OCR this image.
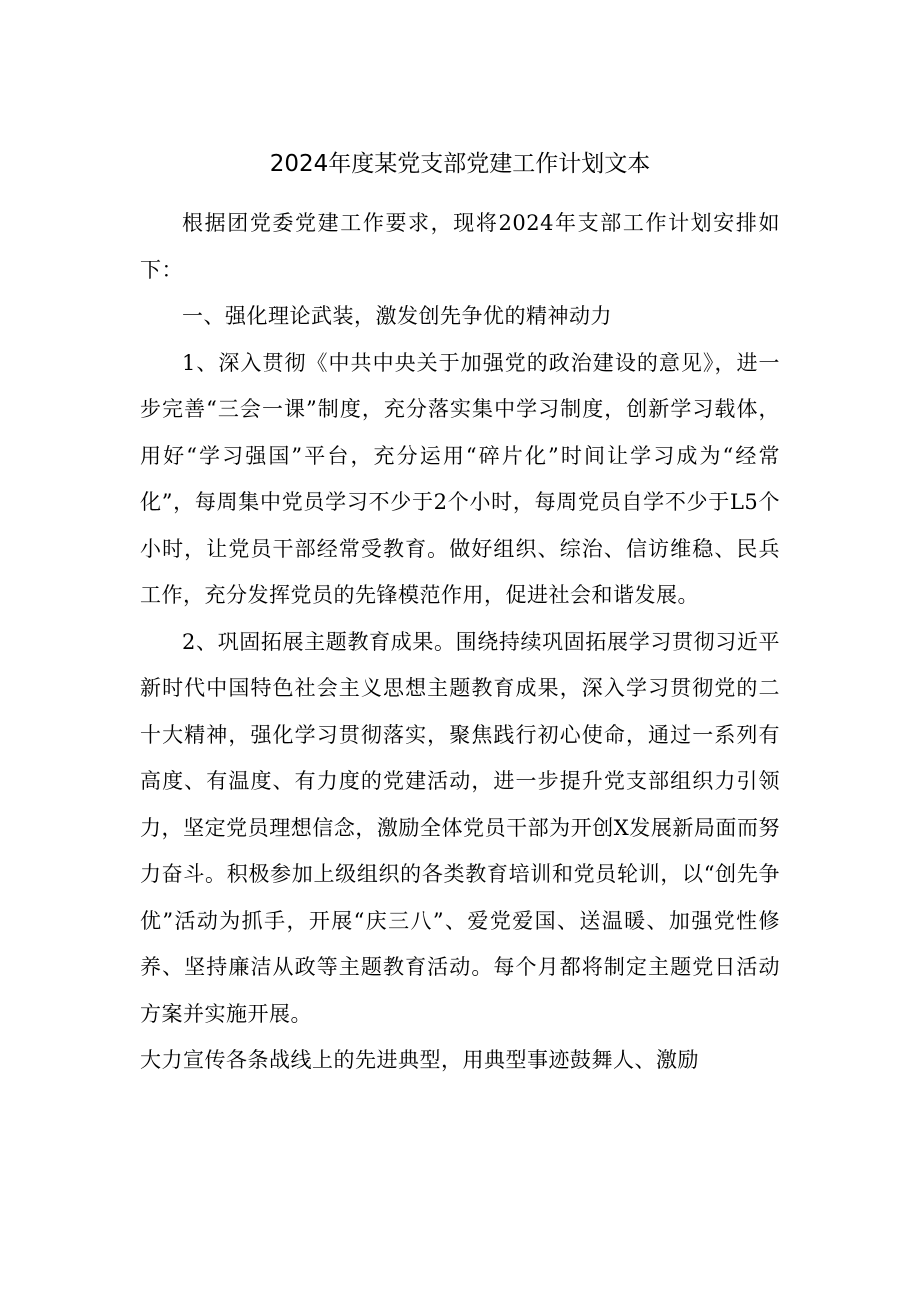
2024年度某党支部党建工作计划文本

根据团党委党建工作要求，现将2024年支部工作计划安排如下：

一、强化理论武装，激发创先争优的精神动力

1、深入贯彻《中共中央关于加强党的政治建设的意见》，进一步完善“三会一课”制度，充分落实集中学习制度，创新学习载体，用好“学习强国”平台，充分运用“碎片化”时间让学习成为“经常化”，每周集中党员学习不少于2个小时，每周党员自学不少于L5个小时，让党员干部经常受教育。做好组织、综治、信访维稳、民兵工作，充分发挥党员的先锋模范作用，促进社会和谐发展。

2、巩固拓展主题教育成果。围绕持续巩固拓展学习贯彻习近平新时代中国特色社会主义思想主题教育成果，深入学习贯彻党的二十大精神，强化学习贯彻落实，聚焦践行初心使命，通过一系列有高度、有温度、有力度的党建活动，进一步提升党支部组织力引领力，坚定党员理想信念，激励全体党员干部为开创X发展新局面而努力奋斗。积极参加上级组织的各类教育培训和党员轮训，以“创先争优”活动为抓手，开展“庆三八”、爱党爱国、送温暖、加强党性修养、坚持廉洁从政等主题教育活动。每个月都将制定主题党日活动方案并实施开展。

大力宣传各条战线上的先进典型，用典型事迹鼓舞人、激励
